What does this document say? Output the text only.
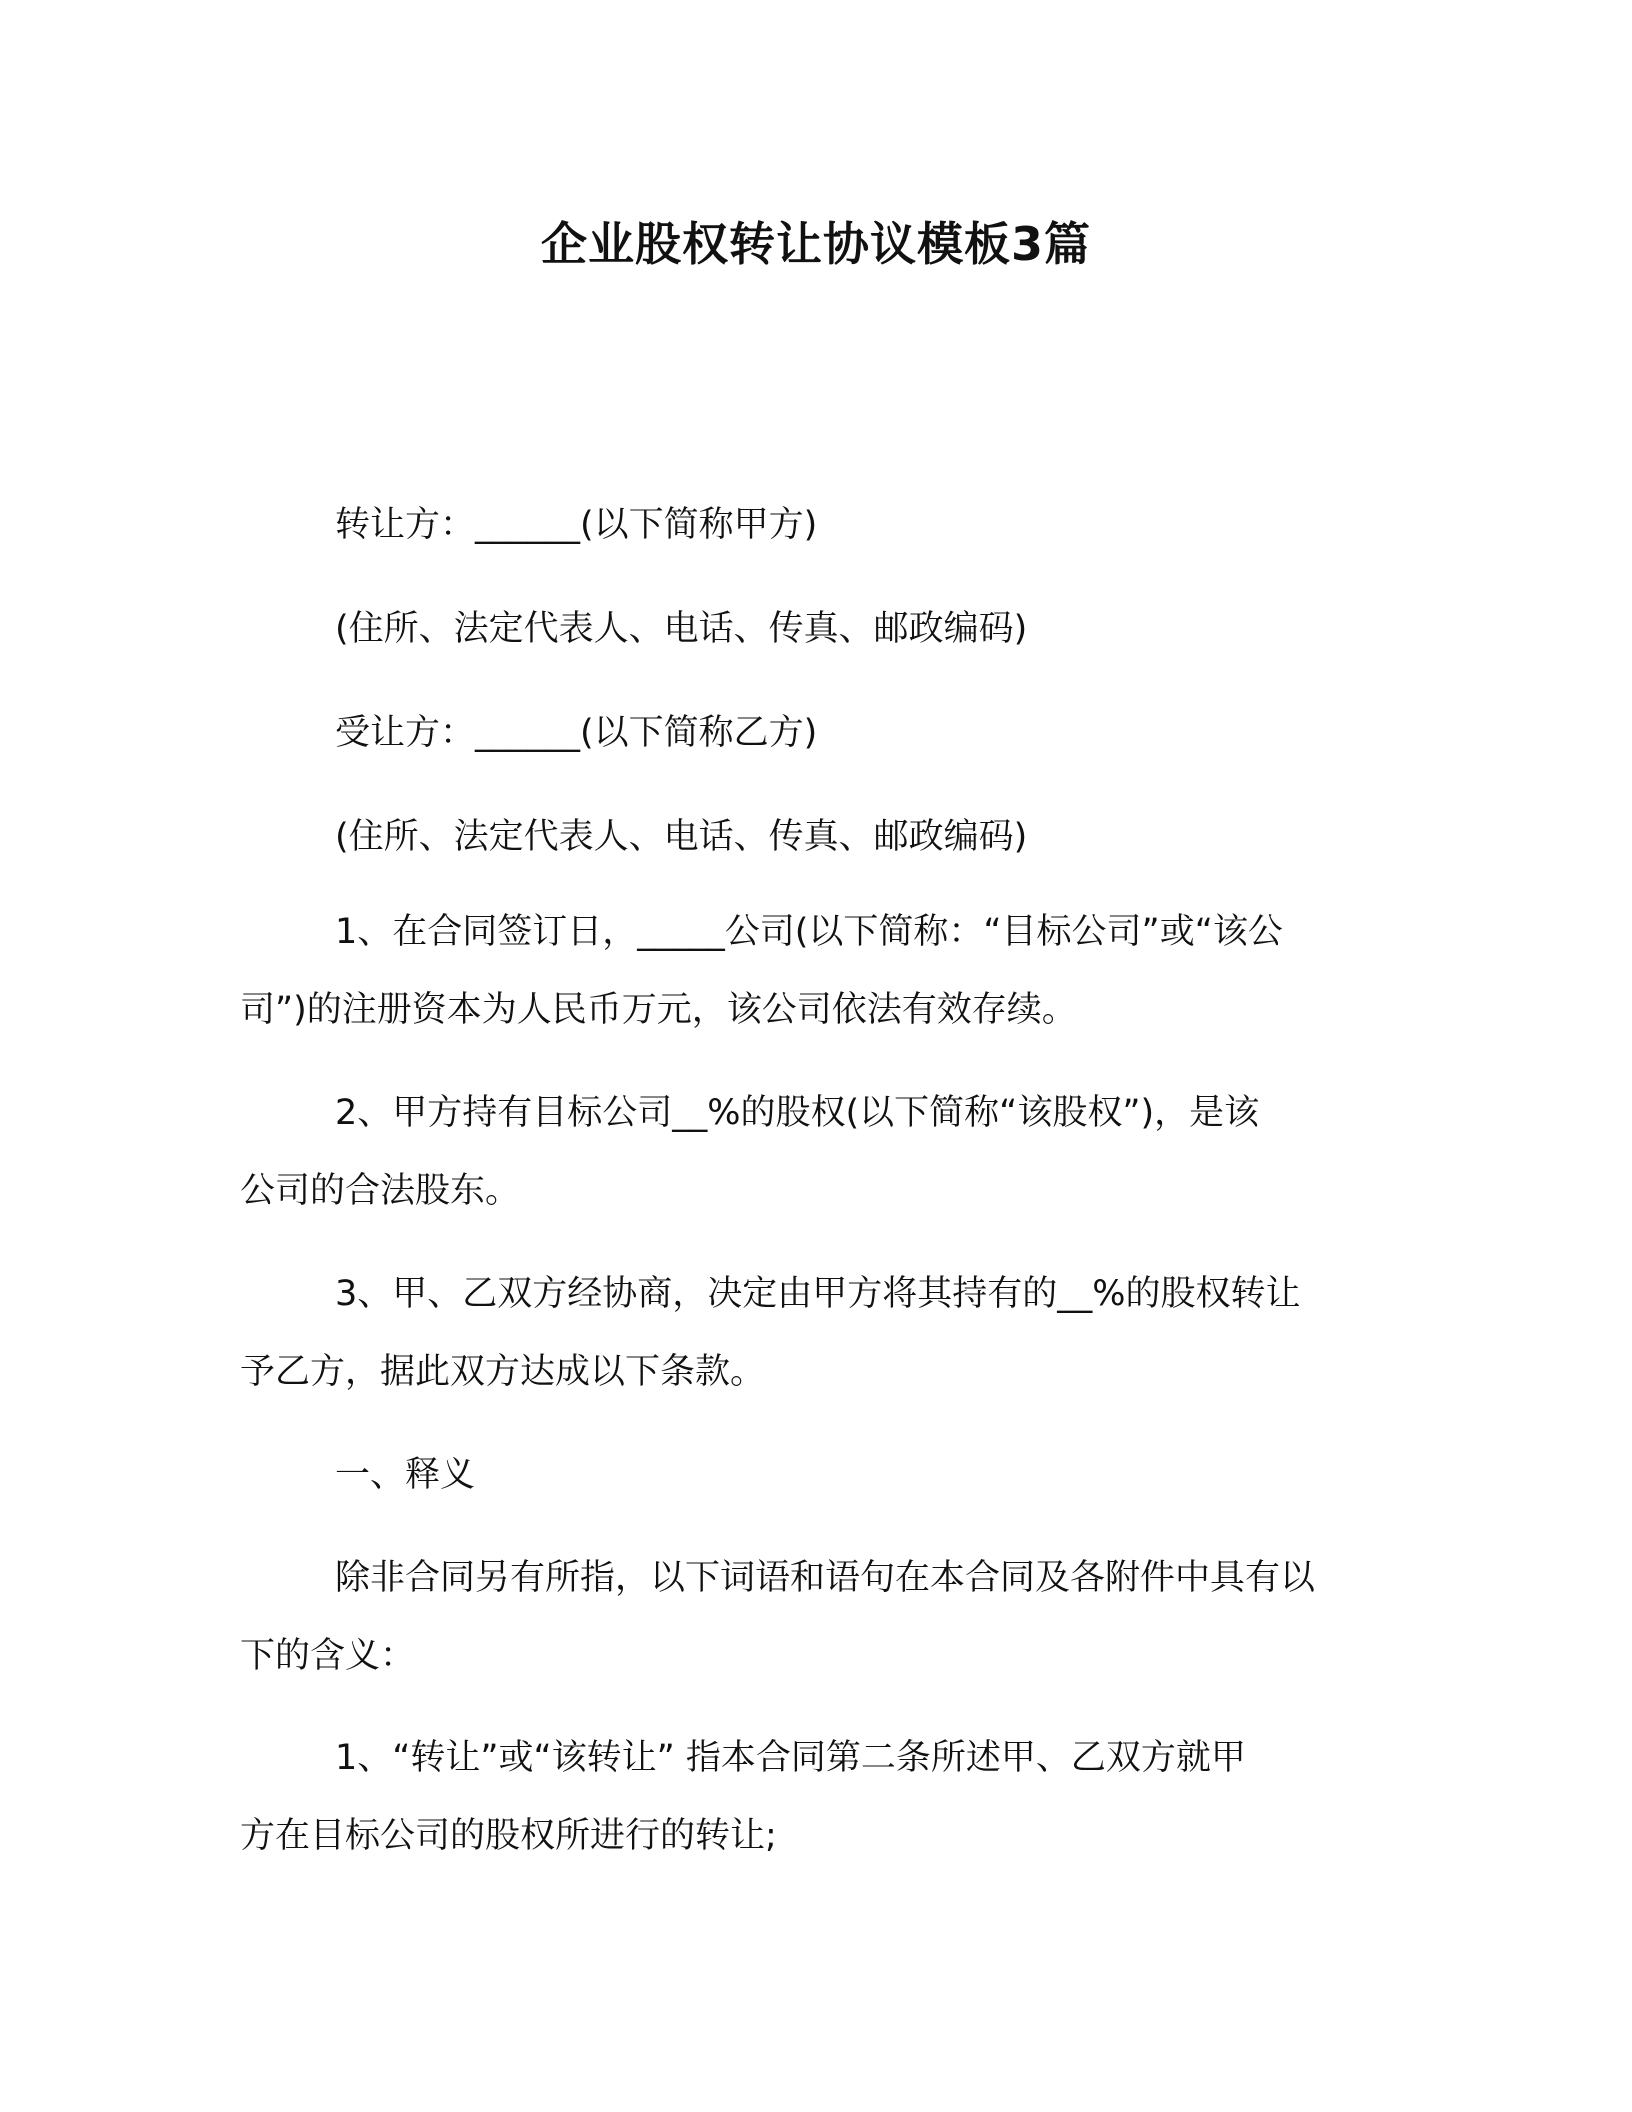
企业股权转让协议模板3篇
转让方：______(以下简称甲方)
(住所、法定代表人、电话、传真、邮政编码)
受让方：______(以下简称乙方)
(住所、法定代表人、电话、传真、邮政编码)
1、在合同签订日，_____公司(以下简称：“目标公司”或“该公
司”)的注册资本为人民币万元，该公司依法有效存续。
2、甲方持有目标公司__%的股权(以下简称“该股权”)，是该
公司的合法股东。
3、甲、乙双方经协商，决定由甲方将其持有的__%的股权转让
予乙方，据此双方达成以下条款。
一、释义
除非合同另有所指，以下词语和语句在本合同及各附件中具有以
下的含义：
1、“转让”或“该转让” 指本合同第二条所述甲、乙双方就甲
方在目标公司的股权所进行的转让;
